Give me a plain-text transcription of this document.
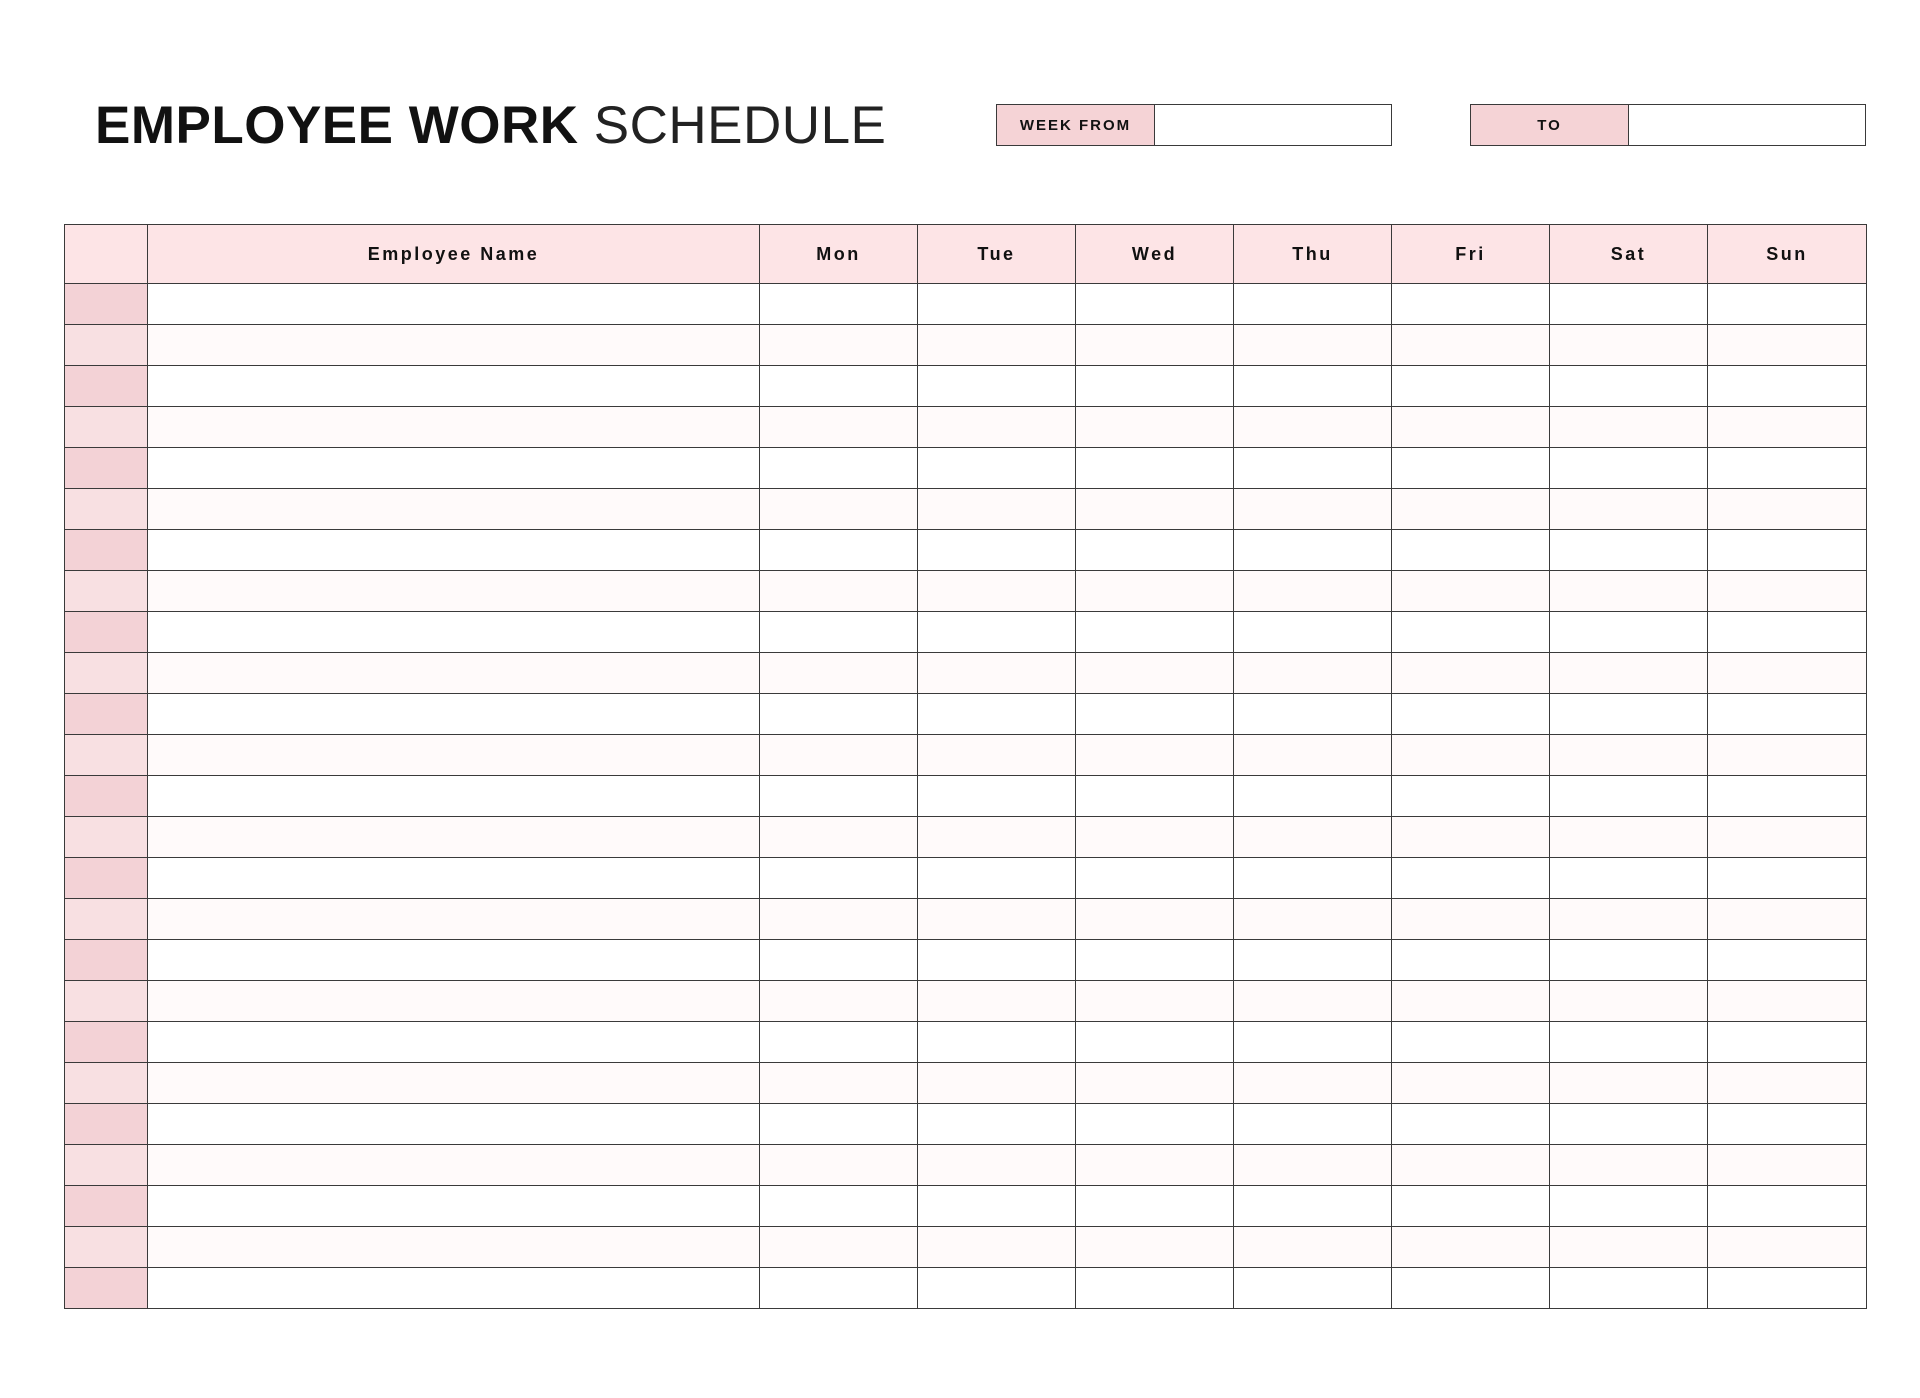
EMPLOYEE WORK SCHEDULE	WEEK FROM	TO
	Employee Name	Mon	Tue	Wed	Thu	Fri	Sat	Sun
